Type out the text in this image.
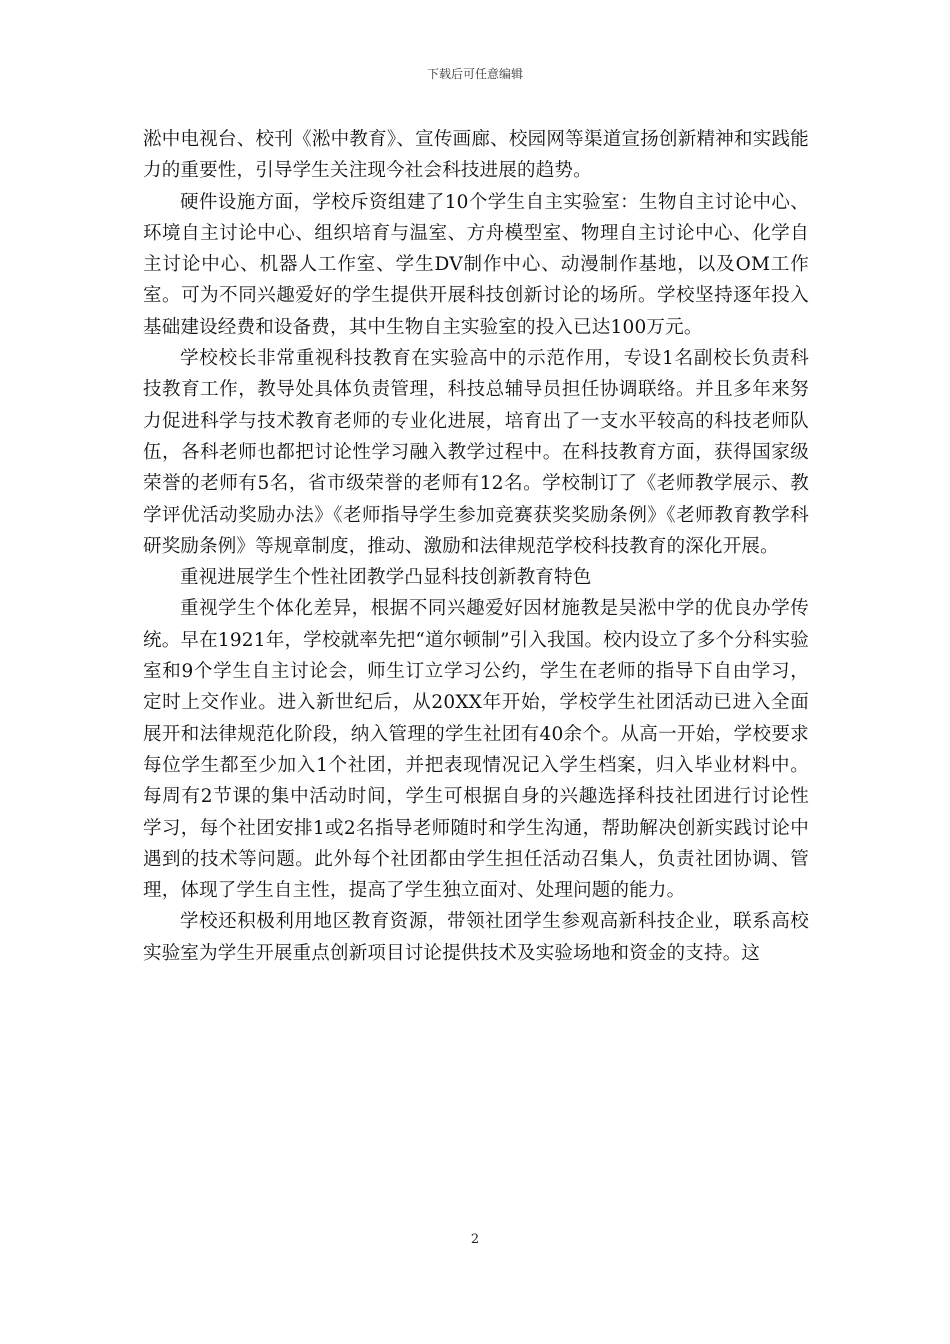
下载后可任意编辑

淞中电视台、校刊《淞中教育》、宣传画廊、校园网等渠道宣扬创新精神和实践能力的重要性，引导学生关注现今社会科技进展的趋势。

硬件设施方面，学校斥资组建了10个学生自主实验室：生物自主讨论中心、环境自主讨论中心、组织培育与温室、方舟模型室、物理自主讨论中心、化学自主讨论中心、机器人工作室、学生DV制作中心、动漫制作基地，以及OM工作室。可为不同兴趣爱好的学生提供开展科技创新讨论的场所。学校坚持逐年投入基础建设经费和设备费，其中生物自主实验室的投入已达100万元。

学校校长非常重视科技教育在实验高中的示范作用，专设1名副校长负责科技教育工作，教导处具体负责管理，科技总辅导员担任协调联络。并且多年来努力促进科学与技术教育老师的专业化进展，培育出了一支水平较高的科技老师队伍，各科老师也都把讨论性学习融入教学过程中。在科技教育方面，获得国家级荣誉的老师有5名，省市级荣誉的老师有12名。学校制订了《老师教学展示、教学评优活动奖励办法》《老师指导学生参加竞赛获奖奖励条例》《老师教育教学科研奖励条例》等规章制度，推动、激励和法律规范学校科技教育的深化开展。

重视进展学生个性社团教学凸显科技创新教育特色

重视学生个体化差异，根据不同兴趣爱好因材施教是吴淞中学的优良办学传统。早在1921年，学校就率先把“道尔顿制”引入我国。校内设立了多个分科实验室和9个学生自主讨论会，师生订立学习公约，学生在老师的指导下自由学习，定时上交作业。进入新世纪后，从20XX年开始，学校学生社团活动已进入全面展开和法律规范化阶段，纳入管理的学生社团有40余个。从高一开始，学校要求每位学生都至少加入1个社团，并把表现情况记入学生档案，归入毕业材料中。每周有2节课的集中活动时间，学生可根据自身的兴趣选择科技社团进行讨论性学习，每个社团安排1或2名指导老师随时和学生沟通，帮助解决创新实践讨论中遇到的技术等问题。此外每个社团都由学生担任活动召集人，负责社团协调、管理，体现了学生自主性，提高了学生独立面对、处理问题的能力。

学校还积极利用地区教育资源，带领社团学生参观高新科技企业，联系高校实验室为学生开展重点创新项目讨论提供技术及实验场地和资金的支持。这

2
